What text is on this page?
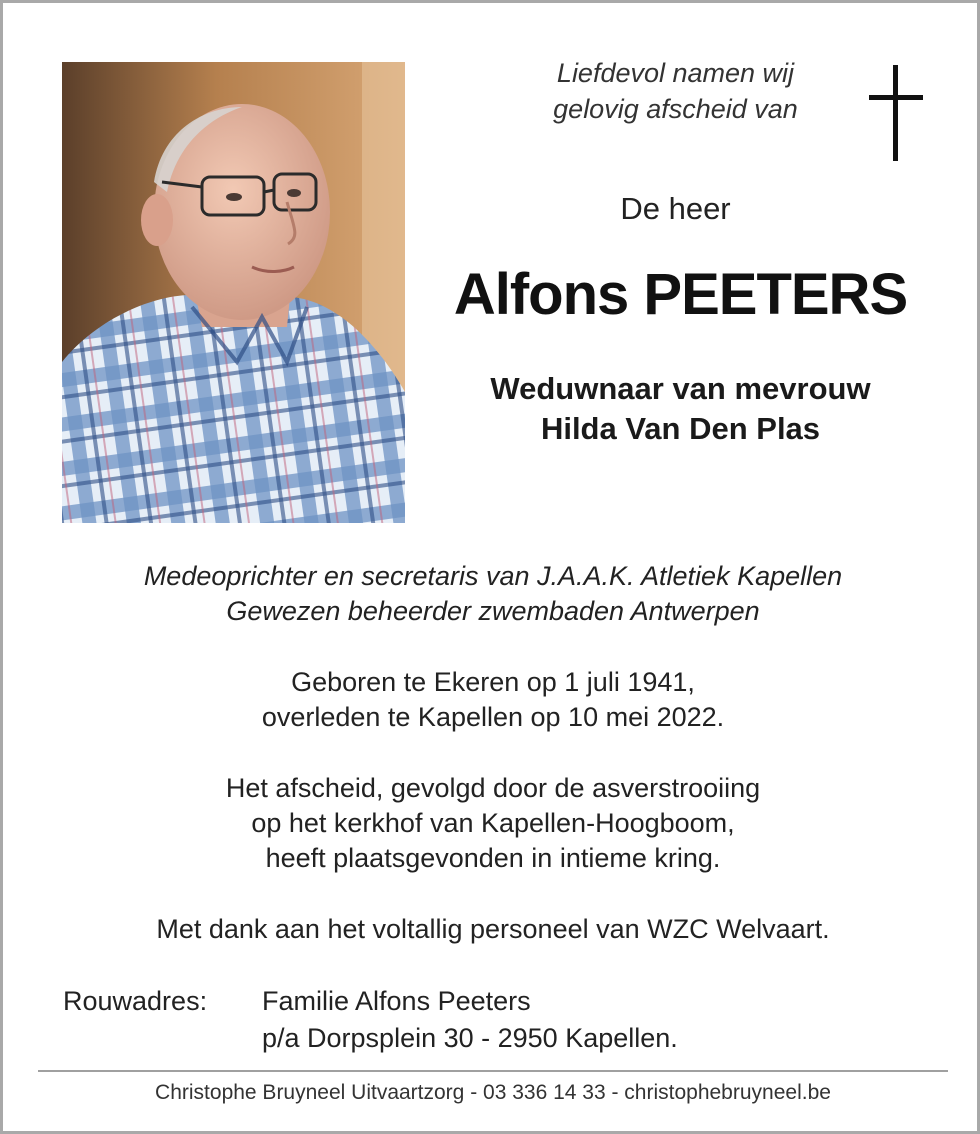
Liefdevol namen wij
gelovig afscheid van
De heer
Alfons PEETERS
Weduwnaar van mevrouw
Hilda Van Den Plas
Medeoprichter en secretaris van J.A.A.K. Atletiek Kapellen
Gewezen beheerder zwembaden Antwerpen
Geboren te Ekeren op 1 juli 1941,
overleden te Kapellen op 10 mei 2022.
Het afscheid, gevolgd door de asverstrooiing
op het kerkhof van Kapellen-Hoogboom,
heeft plaatsgevonden in intieme kring.
Met dank aan het voltallig personeel van WZC Welvaart.
Rouwadres: Familie Alfons Peeters
p/a Dorpsplein 30 - 2950 Kapellen.
Christophe Bruyneel Uitvaartzorg - 03 336 14 33 - christophebruyneel.be
